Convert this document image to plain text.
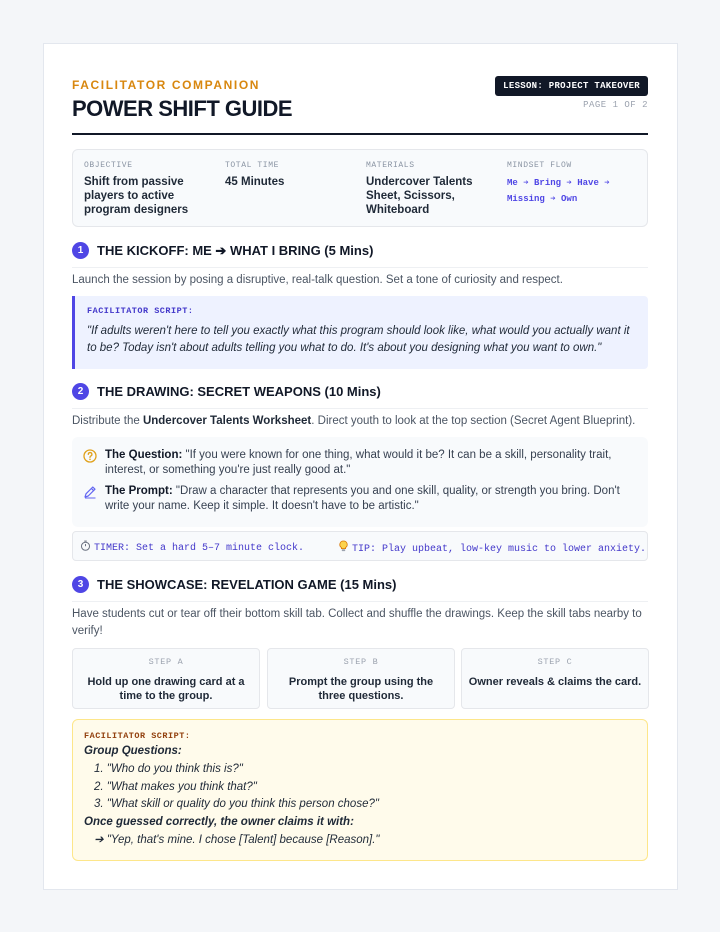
FACILITATOR COMPANION
POWER SHIFT GUIDE
LESSON: PROJECT TAKEOVER
PAGE 1 OF 2
OBJECTIVE
Shift from passive players to active program designers
TOTAL TIME
45 Minutes
MATERIALS
Undercover Talents Sheet, Scissors, Whiteboard
MINDSET FLOW
Me ➔ Bring ➔ Have ➔
Missing ➔ Own
1	THE KICKOFF: ME ➔ WHAT I BRING (5 Mins)
Launch the session by posing a disruptive, real-talk question. Set a tone of curiosity and respect.
FACILITATOR SCRIPT:
"If adults weren't here to tell you exactly what this program should look like, what would you actually want it to be? Today isn't about adults telling you what to do. It's about you designing what you want to own."
2	THE DRAWING: SECRET WEAPONS (10 Mins)
Distribute the Undercover Talents Worksheet. Direct youth to look at the top section (Secret Agent Blueprint).
The Question: "If you were known for one thing, what would it be? It can be a skill, personality trait, interest, or something you're just really good at."
The Prompt: "Draw a character that represents you and one skill, quality, or strength you bring. Don't write your name. Keep it simple. It doesn't have to be artistic."
TIMER: Set a hard 5–7 minute clock.	TIP: Play upbeat, low-key music to lower anxiety.
3	THE SHOWCASE: REVELATION GAME (15 Mins)
Have students cut or tear off their bottom skill tab. Collect and shuffle the drawings. Keep the skill tabs nearby to verify!
STEP A
Hold up one drawing card at a time to the group.
STEP B
Prompt the group using the three questions.
STEP C
Owner reveals & claims the card.
FACILITATOR SCRIPT:
Group Questions:
1. "Who do you think this is?"
2. "What makes you think that?"
3. "What skill or quality do you think this person chose?"
Once guessed correctly, the owner claims it with:
➔ "Yep, that's mine. I chose [Talent] because [Reason]."
